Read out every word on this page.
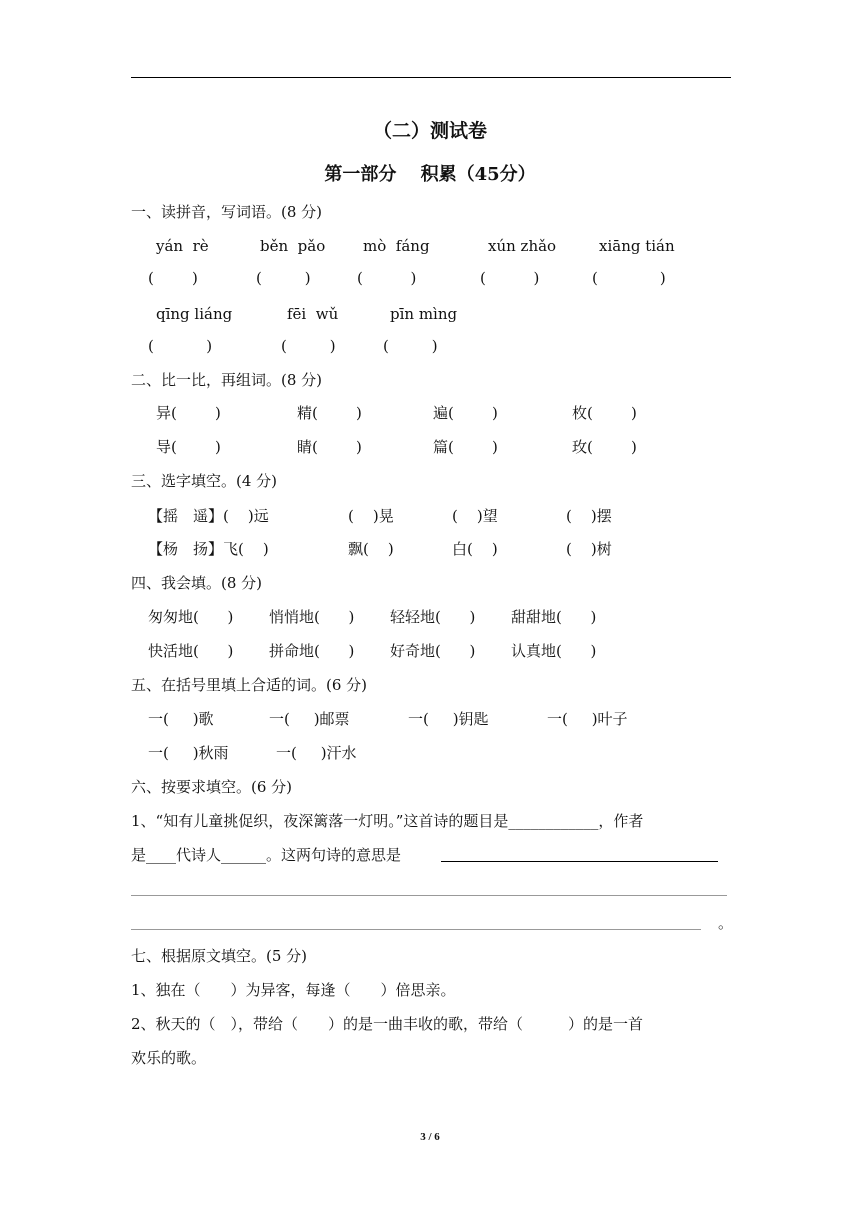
（二）测试卷
第一部分　 积累（45分）
一、读拼音，写词语。(8 分)
yán  rè	běn  pǎo	mò  fáng	xún zhǎo	xiāng tián
(        )	(         )	(          )	(          )	(             )
qīng liáng	fēi  wǔ	pīn mìng
(           )	(         )	(         )
二、比一比，再组词。(8 分)
异(        )	精(        )	遍(        )	枚(        )
导(        )	睛(        )	篇(        )	玫(        )
三、选字填空。(4 分)
【摇　遥】(    )远	(    )晃	(    )望	(    )摆
【杨　扬】飞(    )	飘(    )	白(    )	(    )树
四、我会填。(8 分)
匆匆地(      ) 悄悄地(      ) 轻轻地(      ) 甜甜地(      )
快活地(      ) 拼命地(      ) 好奇地(      ) 认真地(      )
五、在括号里填上合适的词。(6 分)
一(     )歌	一(     )邮票	一(     )钥匙	一(     )叶子
一(     )秋雨	一(     )汗水
六、按要求填空。(6 分)
1、“知有儿童挑促织，夜深篱落一灯明。”这首诗的题目是____________，作者
是____代诗人______。这两句诗的意思是
。
七、根据原文填空。(5 分)
1、独在（　　）为异客，每逢（　　）倍思亲。
2、秋天的（　），带给（　　）的是一曲丰收的歌，带给（　　　）的是一首
欢乐的歌。
3 / 6
